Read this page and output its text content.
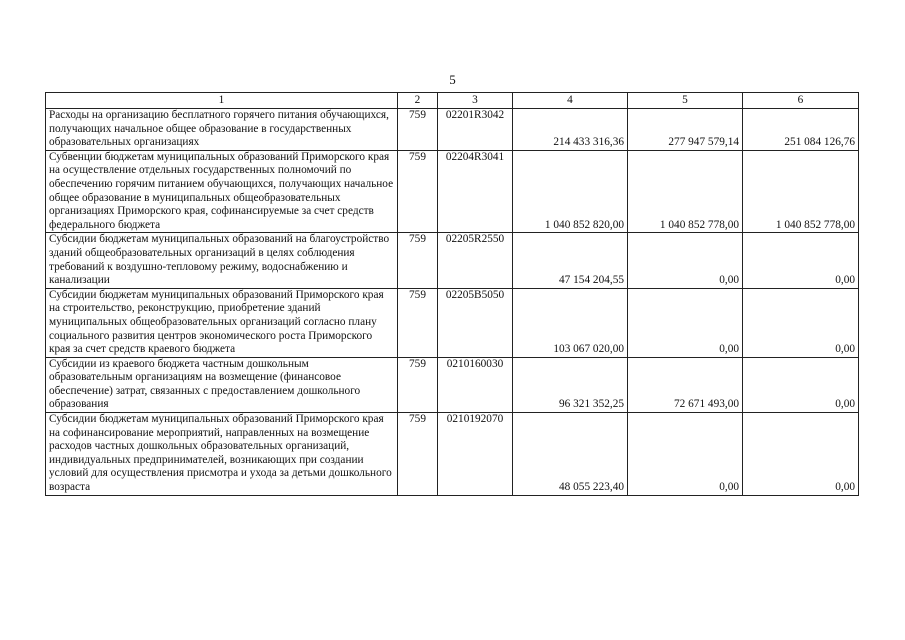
5
1	2	3	4	5	6
Расходы на организацию бесплатного горячего питания обучающихся, получающих начальное общее образование в государственных образовательных организациях	759	02201R3042	214 433 316,36	277 947 579,14	251 084 126,76
Субвенции бюджетам муниципальных образований Приморского края на осуществление отдельных государственных полномочий по обеспечению горячим питанием обучающихся, получающих начальное общее образование в муниципальных общеобразовательных организациях Приморского края, софинансируемые за счет средств федерального бюджета	759	02204R3041	1 040 852 820,00	1 040 852 778,00	1 040 852 778,00
Субсидии бюджетам муниципальных образований на благоустройство зданий общеобразовательных организаций в целях соблюдения требований к воздушно-тепловому режиму, водоснабжению и канализации	759	02205R2550	47 154 204,55	0,00	0,00
Субсидии бюджетам муниципальных образований Приморского края на строительство, реконструкцию, приобретение зданий муниципальных общеобразовательных организаций согласно плану социального развития центров экономического роста Приморского края за счет средств краевого бюджета	759	02205B5050	103 067 020,00	0,00	0,00
Субсидии из краевого бюджета частным дошкольным образовательным организациям на возмещение (финансовое обеспечение) затрат, связанных с предоставлением дошкольного образования	759	0210160030	96 321 352,25	72 671 493,00	0,00
Субсидии бюджетам муниципальных образований Приморского края на софинансирование мероприятий, направленных на возмещение расходов частных дошкольных образовательных организаций, индивидуальных предпринимателей, возникающих при создании условий для осуществления присмотра и ухода за детьми дошкольного возраста	759	0210192070	48 055 223,40	0,00	0,00
